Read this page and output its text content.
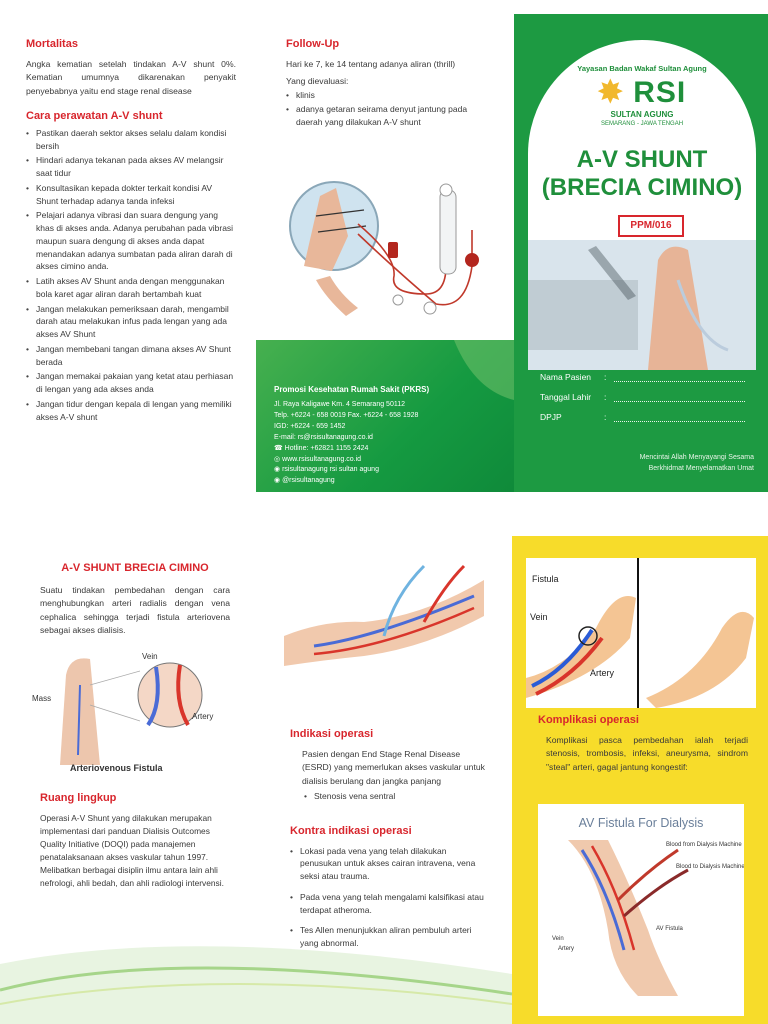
Mortalitas

Angka kematian setelah tindakan A-V shunt 0%. Kematian umumnya dikarenakan penyakit penyebabnya yaitu end stage renal disease

Cara perawatan A-V shunt
• Pastikan daerah sektor akses selalu dalam kondisi bersih
• Hindari adanya tekanan pada akses AV melangsir saat tidur
• Konsultasikan kepada dokter terkait kondisi AV Shunt terhadap adanya tanda infeksi
• Pelajari adanya vibrasi dan suara dengung yang khas di akses anda. Adanya perubahan pada vibrasi maupun suara dengung di akses anda dapat menandakan adanya sumbatan pada aliran darah di akses cimino anda.
• Latih akses AV Shunt anda dengan menggunakan bola karet agar aliran darah bertambah kuat
• Jangan melakukan pemeriksaan darah, mengambil darah atau melakukan infus pada lengan yang ada akses AV Shunt
• Jangan membebani tangan dimana akses AV Shunt berada
• Jangan memakai pakaian yang ketat atau perhiasan di lengan yang ada akses anda
• Jangan tidur dengan kepala di lengan yang memiliki akses A-V shunt
Follow-Up

Hari ke 7, ke 14 tentang adanya aliran (thrill)

Yang dievaluasi:

• klinis
• adanya getaran seirama denyut jantung pada daerah yang dilakukan A-V shunt
Promosi Kesehatan Rumah Sakit (PKRS)
Jl. Raya Kaligawe Km. 4 Semarang 50112
Telp. +6224 - 658 0019 Fax. +6224 - 658 1928
IGD: +6224 - 659 1452
E-mail: rs@rsisultanagung.co.id
☎ Hotline: +62821 1155 2424
◎ www.rsisultanagung.co.id
◉ rsisultanagung rsi sultan agung
◉ @rsisultanagung
Yayasan Badan Wakaf Sultan Agung
✸ RSI
SULTAN AGUNG
SEMARANG - JAWA TENGAH
A-V SHUNT
(BRECIA CIMINO)
PPM/016
Nama Pasien	:
Tanggal Lahir	:
DPJP	:
Mencintai Allah Menyayangi Sesama
Berkhidmat Menyelamatkan Umat
A-V SHUNT BRECIA CIMINO

Suatu tindakan pembedahan dengan cara menghubungkan arteri radialis dengan vena cephalica sehingga terjadi fistula arteriovena sebagai akses dialisis.

Mass
Vein
Artery
Arteriovenous Fistula
Ruang lingkup

Operasi A-V Shunt yang dilakukan merupakan implementasi dari panduan Dialisis Outcomes Quality Initiative (DOQI) pada manajemen penatalaksanaan akses vaskular tahun 1997. Melibatkan berbagai disiplin ilmu antara lain ahli nefrologi, ahli bedah, dan ahli radiologi intervensi.

Indikasi operasi

Pasien dengan End Stage Renal Disease (ESRD) yang memerlukan akses vaskular untuk dialisis berulang dan jangka panjang

• Stenosis vena sentral
Kontra indikasi operasi
• Lokasi pada vena yang telah dilakukan penusukan untuk akses cairan intravena, vena seksi atau trauma.
• Pada vena yang telah mengalami kalsifikasi atau terdapat atheroma.
• Tes Allen menunjukkan aliran pembuluh arteri yang abnormal.
Fistula
Vein
Artery
Komplikasi operasi

Komplikasi pasca pembedahan ialah terjadi stenosis, trombosis, infeksi, aneurysma, sindrom "steal" arteri, gagal jantung kongestif:

AV Fistula For Dialysis
Blood from Dialysis Machine
Blood to Dialysis Machine
Vein
Artery
AV Fistula
